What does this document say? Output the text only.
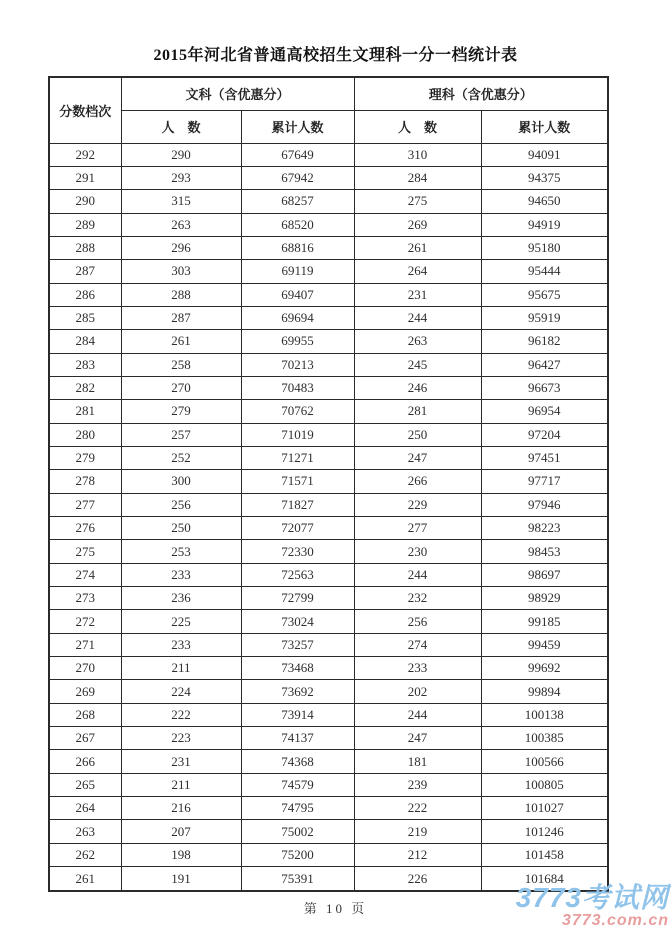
2015年河北省普通高校招生文理科一分一档统计表
分数档次	文科（含优惠分）		理科（含优惠分）	
	人　数	累计人数	人　数	累计人数
292	290	67649	310	94091
291	293	67942	284	94375
290	315	68257	275	94650
289	263	68520	269	94919
288	296	68816	261	95180
287	303	69119	264	95444
286	288	69407	231	95675
285	287	69694	244	95919
284	261	69955	263	96182
283	258	70213	245	96427
282	270	70483	246	96673
281	279	70762	281	96954
280	257	71019	250	97204
279	252	71271	247	97451
278	300	71571	266	97717
277	256	71827	229	97946
276	250	72077	277	98223
275	253	72330	230	98453
274	233	72563	244	98697
273	236	72799	232	98929
272	225	73024	256	99185
271	233	73257	274	99459
270	211	73468	233	99692
269	224	73692	202	99894
268	222	73914	244	100138
267	223	74137	247	100385
266	231	74368	181	100566
265	211	74579	239	100805
264	216	74795	222	101027
263	207	75002	219	101246
262	198	75200	212	101458
261	191	75391	226	101684
第 10 页	3773考试网
3773.com.cn
